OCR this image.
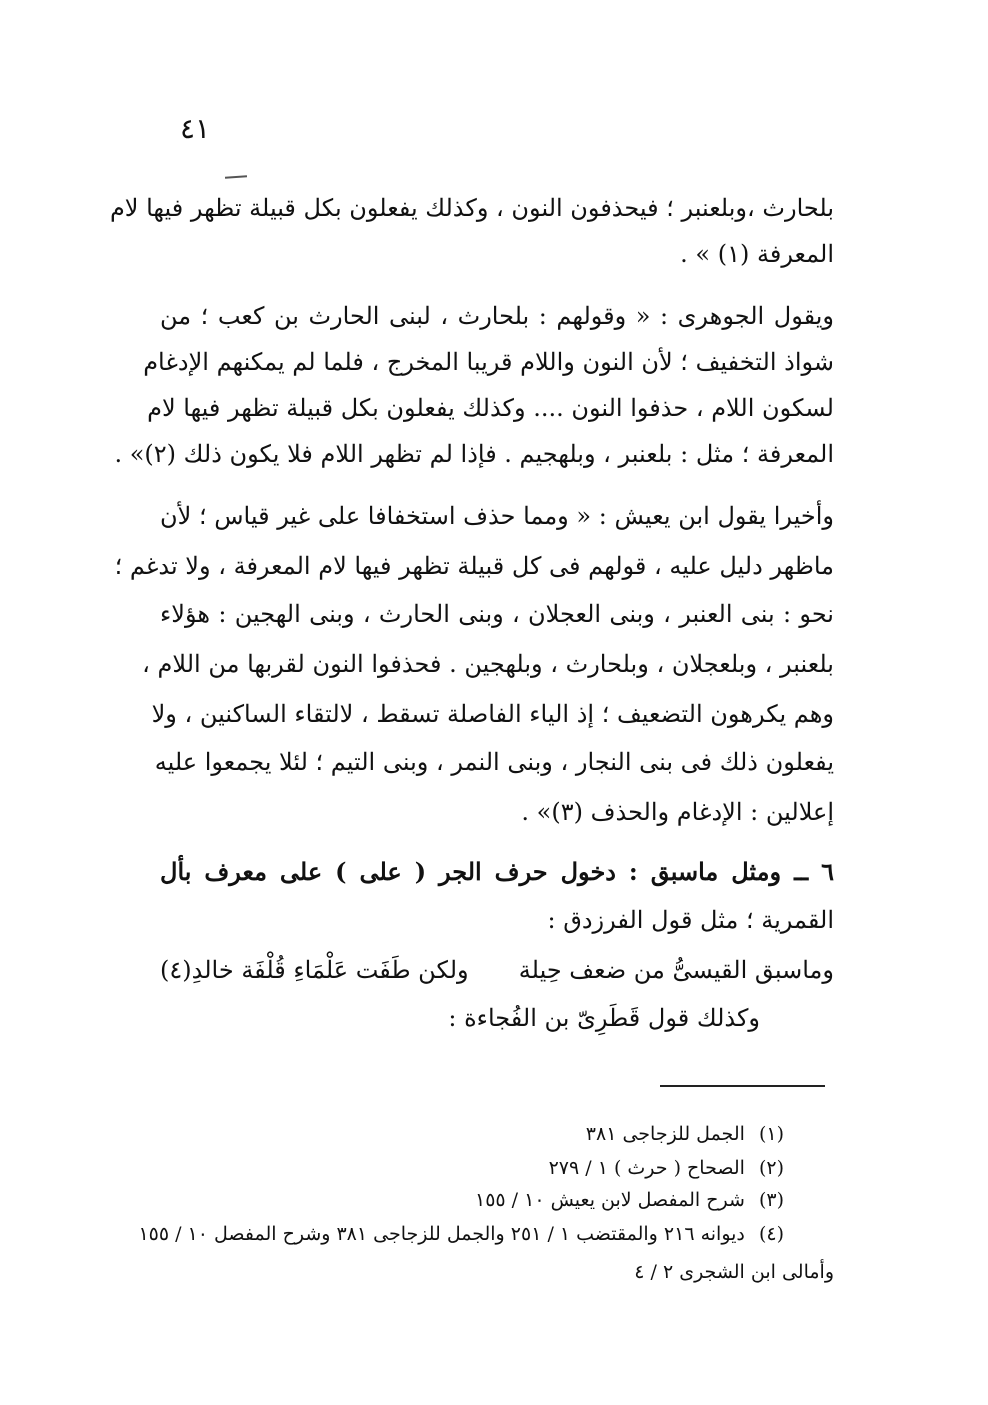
٤١
بلحارث ،وبلعنبر ؛ فيحذفون النون ، وكذلك يفعلون بكل قبيلة تظهر فيها لام
المعرفة (١) » .
ويقول الجوهرى : « وقولهم : بلحارث ، لبنى الحارث بن كعب ؛ من
شواذ التخفيف ؛ لأن النون واللام قريبا المخرج ، فلما لم يمكنهم الإدغام
لسكون اللام ، حذفوا النون .... وكذلك يفعلون بكل قبيلة تظهر فيها لام
المعرفة ؛ مثل : بلعنبر ، وبلهجيم . فإذا لم تظهر اللام فلا يكون ذلك (٢)» .
وأخيرا يقول ابن يعيش : « ومما حذف استخفافا على غير قياس ؛ لأن
ماظهر دليل عليه ، قولهم فى كل قبيلة تظهر فيها لام المعرفة ، ولا تدغم ؛
نحو : بنى العنبر ، وبنى العجلان ، وبنى الحارث ، وبنى الهجين : هؤلاء
بلعنبر ، وبلعجلان ، وبلحارث ، وبلهجين . فحذفوا النون لقربها من اللام ،
وهم يكرهون التضعيف ؛ إذ الياء الفاصلة تسقط ، لالتقاء الساكنين ، ولا
يفعلون ذلك فى بنى النجار ، وبنى النمر ، وبنى التيم ؛ لئلا يجمعوا عليه
إعلالين : الإدغام والحذف (٣)» .
٦ ــ ومثل ماسبق : دخول حرف الجر ( على ) على معرف بأل
القمرية ؛ مثل قول الفرزدق :
وماسبق القيسىُّ من ضعف حِيلة
ولكن طَفَت عَلْمَاءِ قُلْفَة خالدِ(٤)
وكذلك قول قَطَرِىّ بن الفُجاءة :
(١) الجمل للزجاجى ٣٨١
(٢) الصحاح ( حرث ) ١ / ٢٧٩
(٣) شرح المفصل لابن يعيش ١٠ / ١٥٥
(٤) ديوانه ٢١٦ والمقتضب ١ / ٢٥١ والجمل للزجاجى ٣٨١ وشرح المفصل ١٠ / ١٥٥
وأمالى ابن الشجرى ٢ / ٤
